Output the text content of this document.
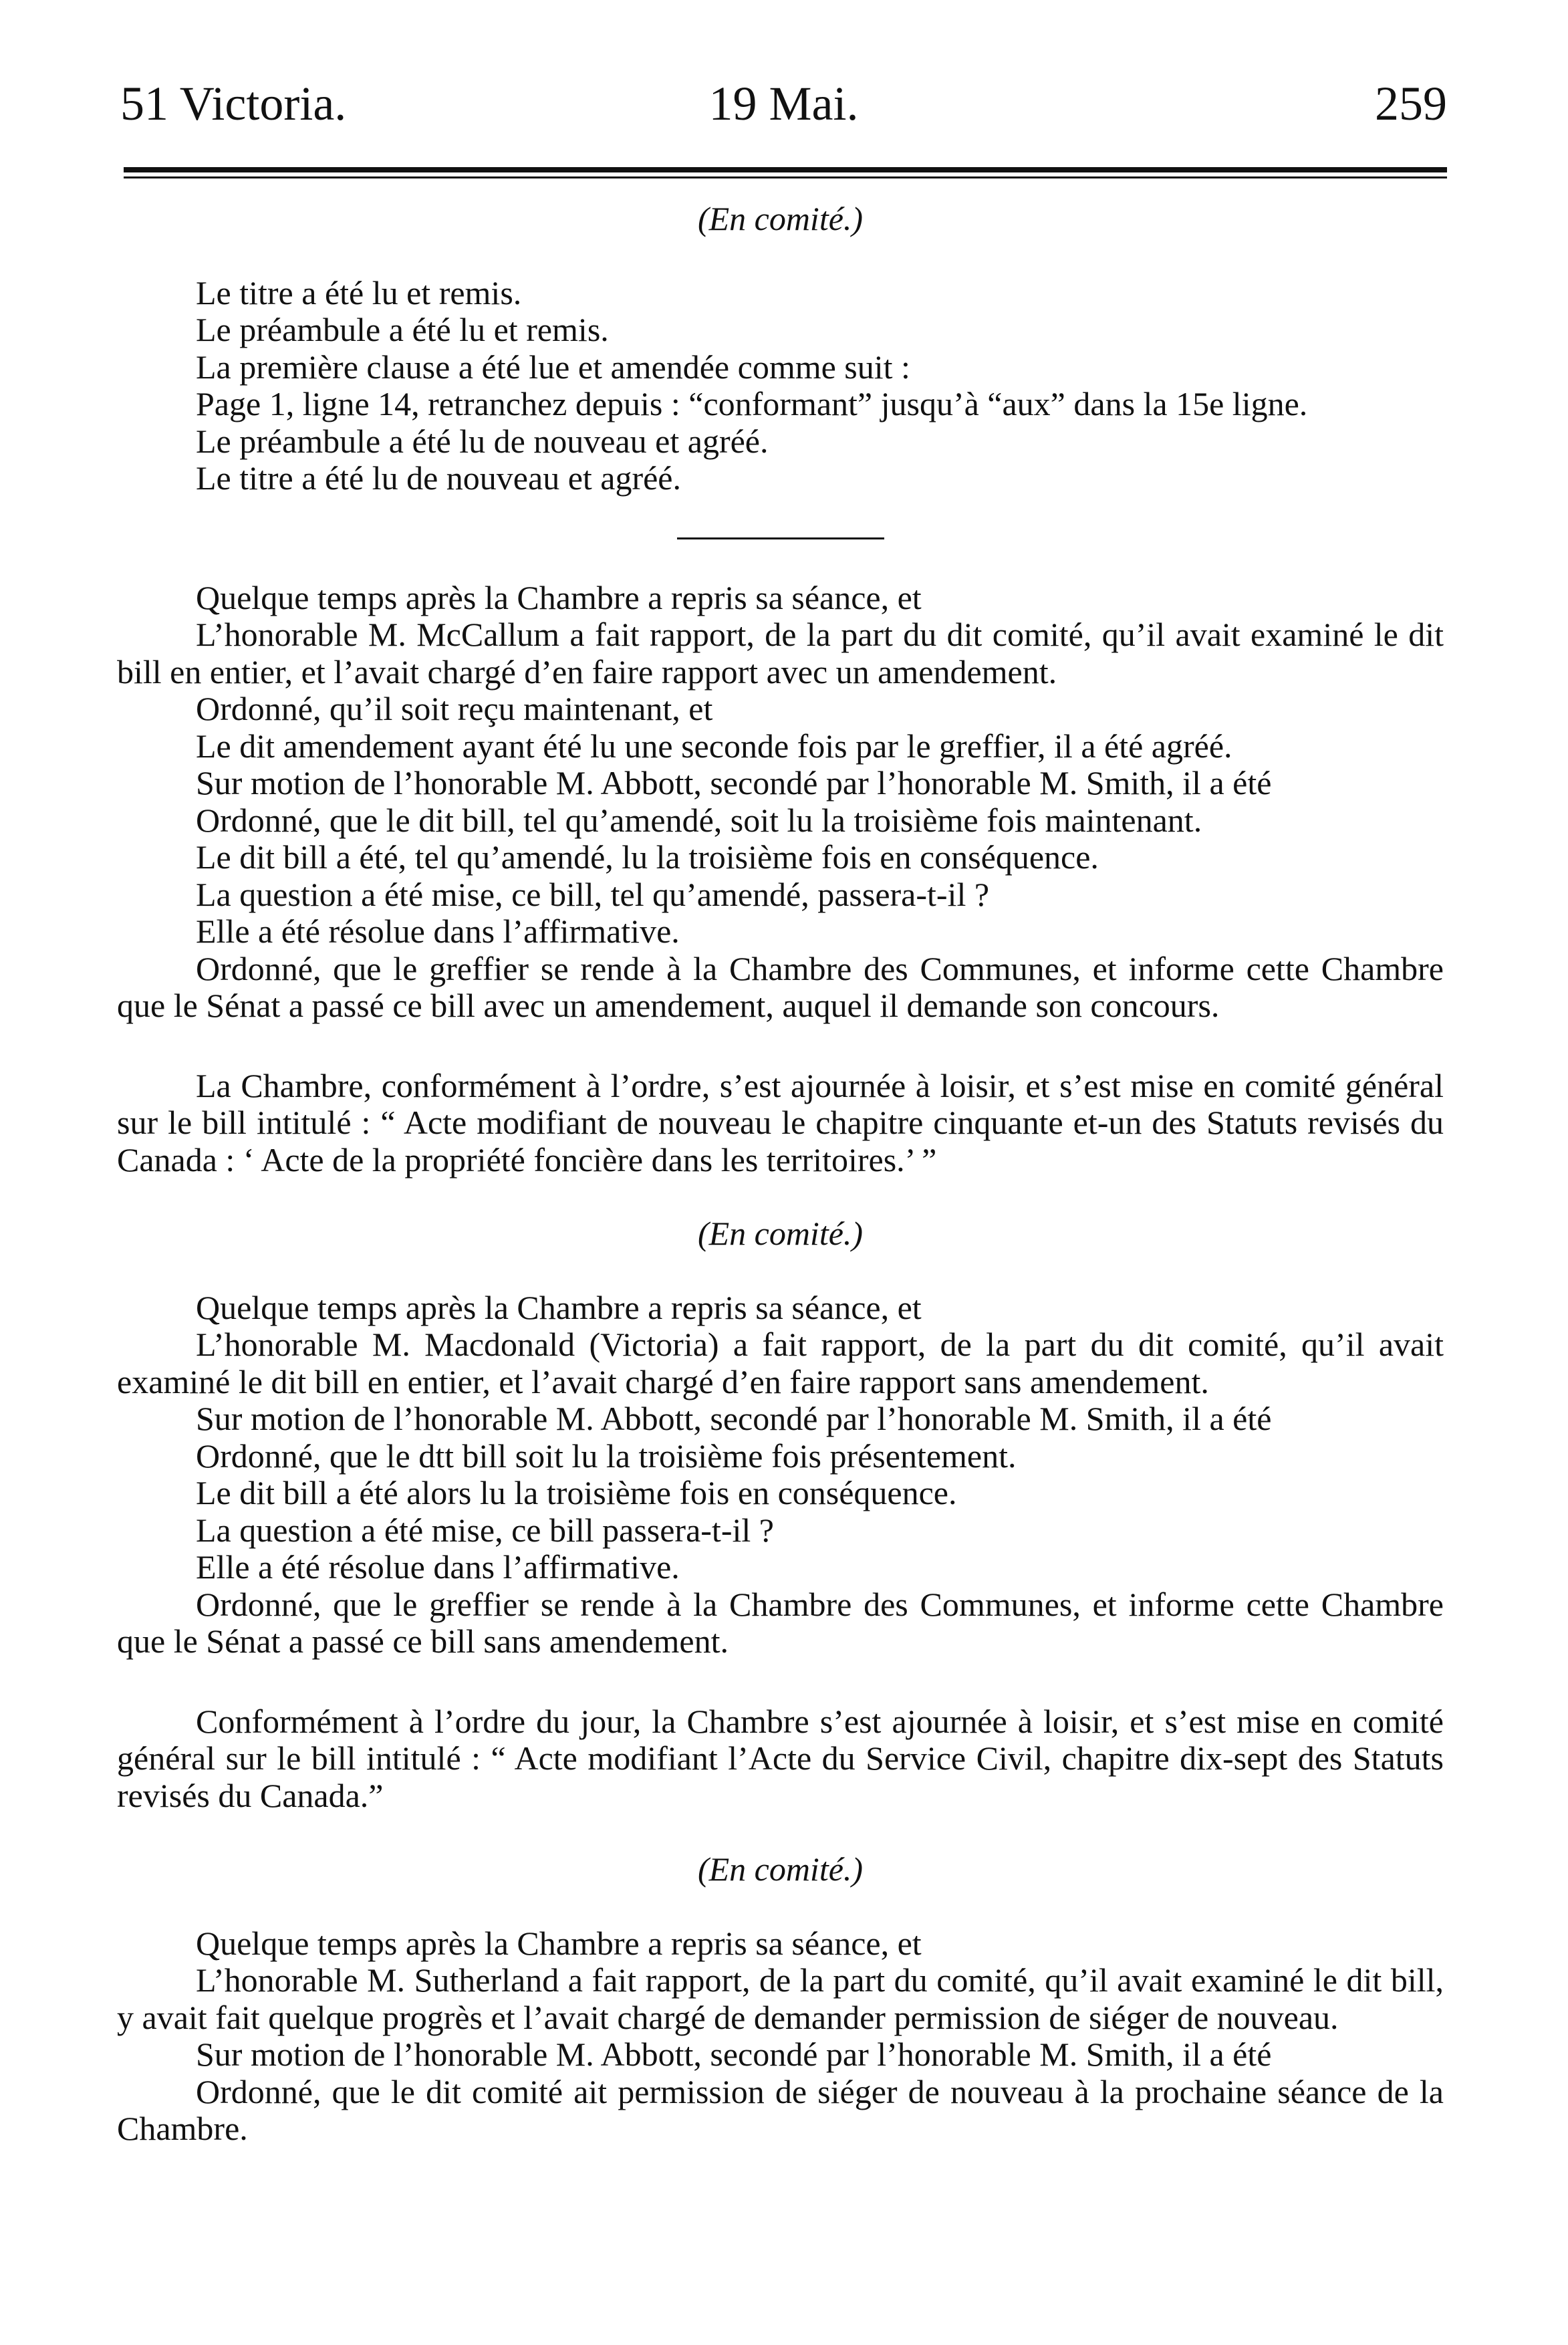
51 Victoria.	19 Mai.	259

(En comité.)

Le titre a été lu et remis.

Le préambule a été lu et remis.

La première clause a été lue et amendée comme suit :

Page 1, ligne 14, retranchez depuis : “conformant” jusqu’à “aux” dans la 15e ligne.

Le préambule a été lu de nouveau et agréé.

Le titre a été lu de nouveau et agréé.

Quelque temps après la Chambre a repris sa séance, et

L’honorable M. McCallum a fait rapport, de la part du dit comité, qu’il avait examiné le dit bill en entier, et l’avait chargé d’en faire rapport avec un amendement.

Ordonné, qu’il soit reçu maintenant, et

Le dit amendement ayant été lu une seconde fois par le greffier, il a été agréé.

Sur motion de l’honorable M. Abbott, secondé par l’honorable M. Smith, il a été

Ordonné, que le dit bill, tel qu’amendé, soit lu la troisième fois maintenant.

Le dit bill a été, tel qu’amendé, lu la troisième fois en conséquence.

La question a été mise, ce bill, tel qu’amendé, passera-t-il ?

Elle a été résolue dans l’affirmative.

Ordonné, que le greffier se rende à la Chambre des Communes, et informe cette Chambre que le Sénat a passé ce bill avec un amendement, auquel il demande son concours.

La Chambre, conformément à l’ordre, s’est ajournée à loisir, et s’est mise en comité général sur le bill intitulé : “ Acte modifiant de nouveau le chapitre cinquante et-un des Statuts revisés du Canada : ‘ Acte de la propriété foncière dans les territoires.’ ”

(En comité.)

Quelque temps après la Chambre a repris sa séance, et

L’honorable M. Macdonald (Victoria) a fait rapport, de la part du dit comité, qu’il avait examiné le dit bill en entier, et l’avait chargé d’en faire rapport sans amendement.

Sur motion de l’honorable M. Abbott, secondé par l’honorable M. Smith, il a été

Ordonné, que le dtt bill soit lu la troisième fois présentement.

Le dit bill a été alors lu la troisième fois en conséquence.

La question a été mise, ce bill passera-t-il ?

Elle a été résolue dans l’affirmative.

Ordonné, que le greffier se rende à la Chambre des Communes, et informe cette Chambre que le Sénat a passé ce bill sans amendement.

Conformément à l’ordre du jour, la Chambre s’est ajournée à loisir, et s’est mise en comité général sur le bill intitulé : “ Acte modifiant l’Acte du Service Civil, chapitre dix-sept des Statuts revisés du Canada.”

(En comité.)

Quelque temps après la Chambre a repris sa séance, et

L’honorable M. Sutherland a fait rapport, de la part du comité, qu’il avait examiné le dit bill, y avait fait quelque progrès et l’avait chargé de demander permission de siéger de nouveau.

Sur motion de l’honorable M. Abbott, secondé par l’honorable M. Smith, il a été

Ordonné, que le dit comité ait permission de siéger de nouveau à la prochaine séance de la Chambre.
